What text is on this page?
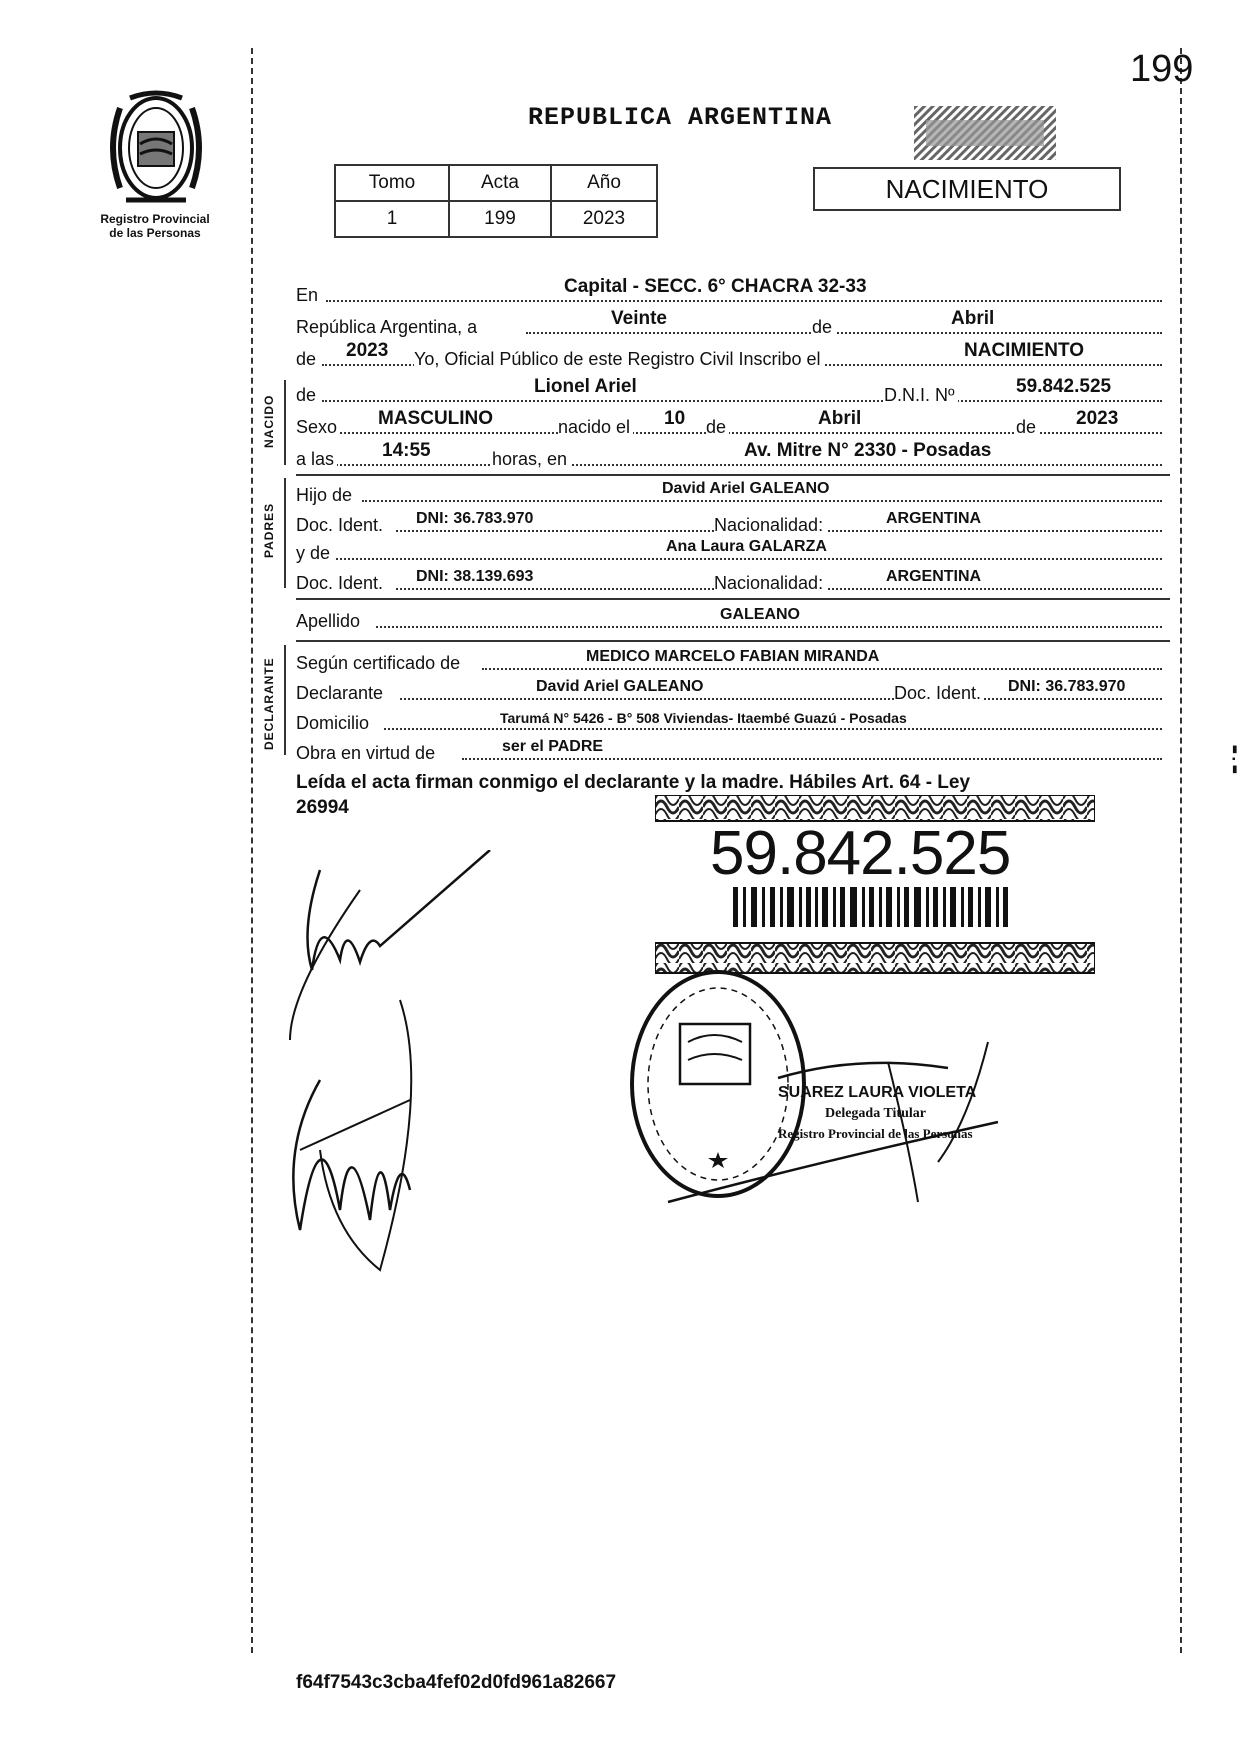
199
Registro Provincial
de las Personas
REPUBLICA ARGENTINA
Tomo	Acta	Año
1	199	2023
NACIMIENTO
NACIDO
PADRES
DECLARANTE
En	Capital - SECC. 6° CHACRA 32-33
República Argentina, a	Veinte	de	Abril
de 2023 Yo, Oficial Público de este Registro Civil Inscribo el	NACIMIENTO
de	Lionel Ariel	D.N.I. Nº	59.842.525
Sexo MASCULINO	nacido el 10 de	Abril	de 2023
a las	14:55	horas, en	Av. Mitre N° 2330 - Posadas
Hijo de	David Ariel GALEANO
Doc. Ident. DNI: 36.783.970	Nacionalidad:	ARGENTINA
y de	Ana Laura GALARZA
Doc. Ident. DNI: 38.139.693	Nacionalidad:	ARGENTINA
Apellido	GALEANO
Según certificado de	MEDICO MARCELO FABIAN MIRANDA
Declarante	David Ariel GALEANO	Doc. Ident. DNI: 36.783.970
Domicilio	Tarumá N° 5426 - B° 508 Viviendas- Itaembé Guazú - Posadas
Obra en virtud de	ser el PADRE
Leída el acta firman conmigo el declarante y la madre. Hábiles Art. 64 - Ley
26994
59.842.525
SUAREZ LAURA VIOLETA
Delegada Titular
Registro Provincial de las Personas
▮
▪
▮
f64f7543c3cba4fef02d0fd961a82667
